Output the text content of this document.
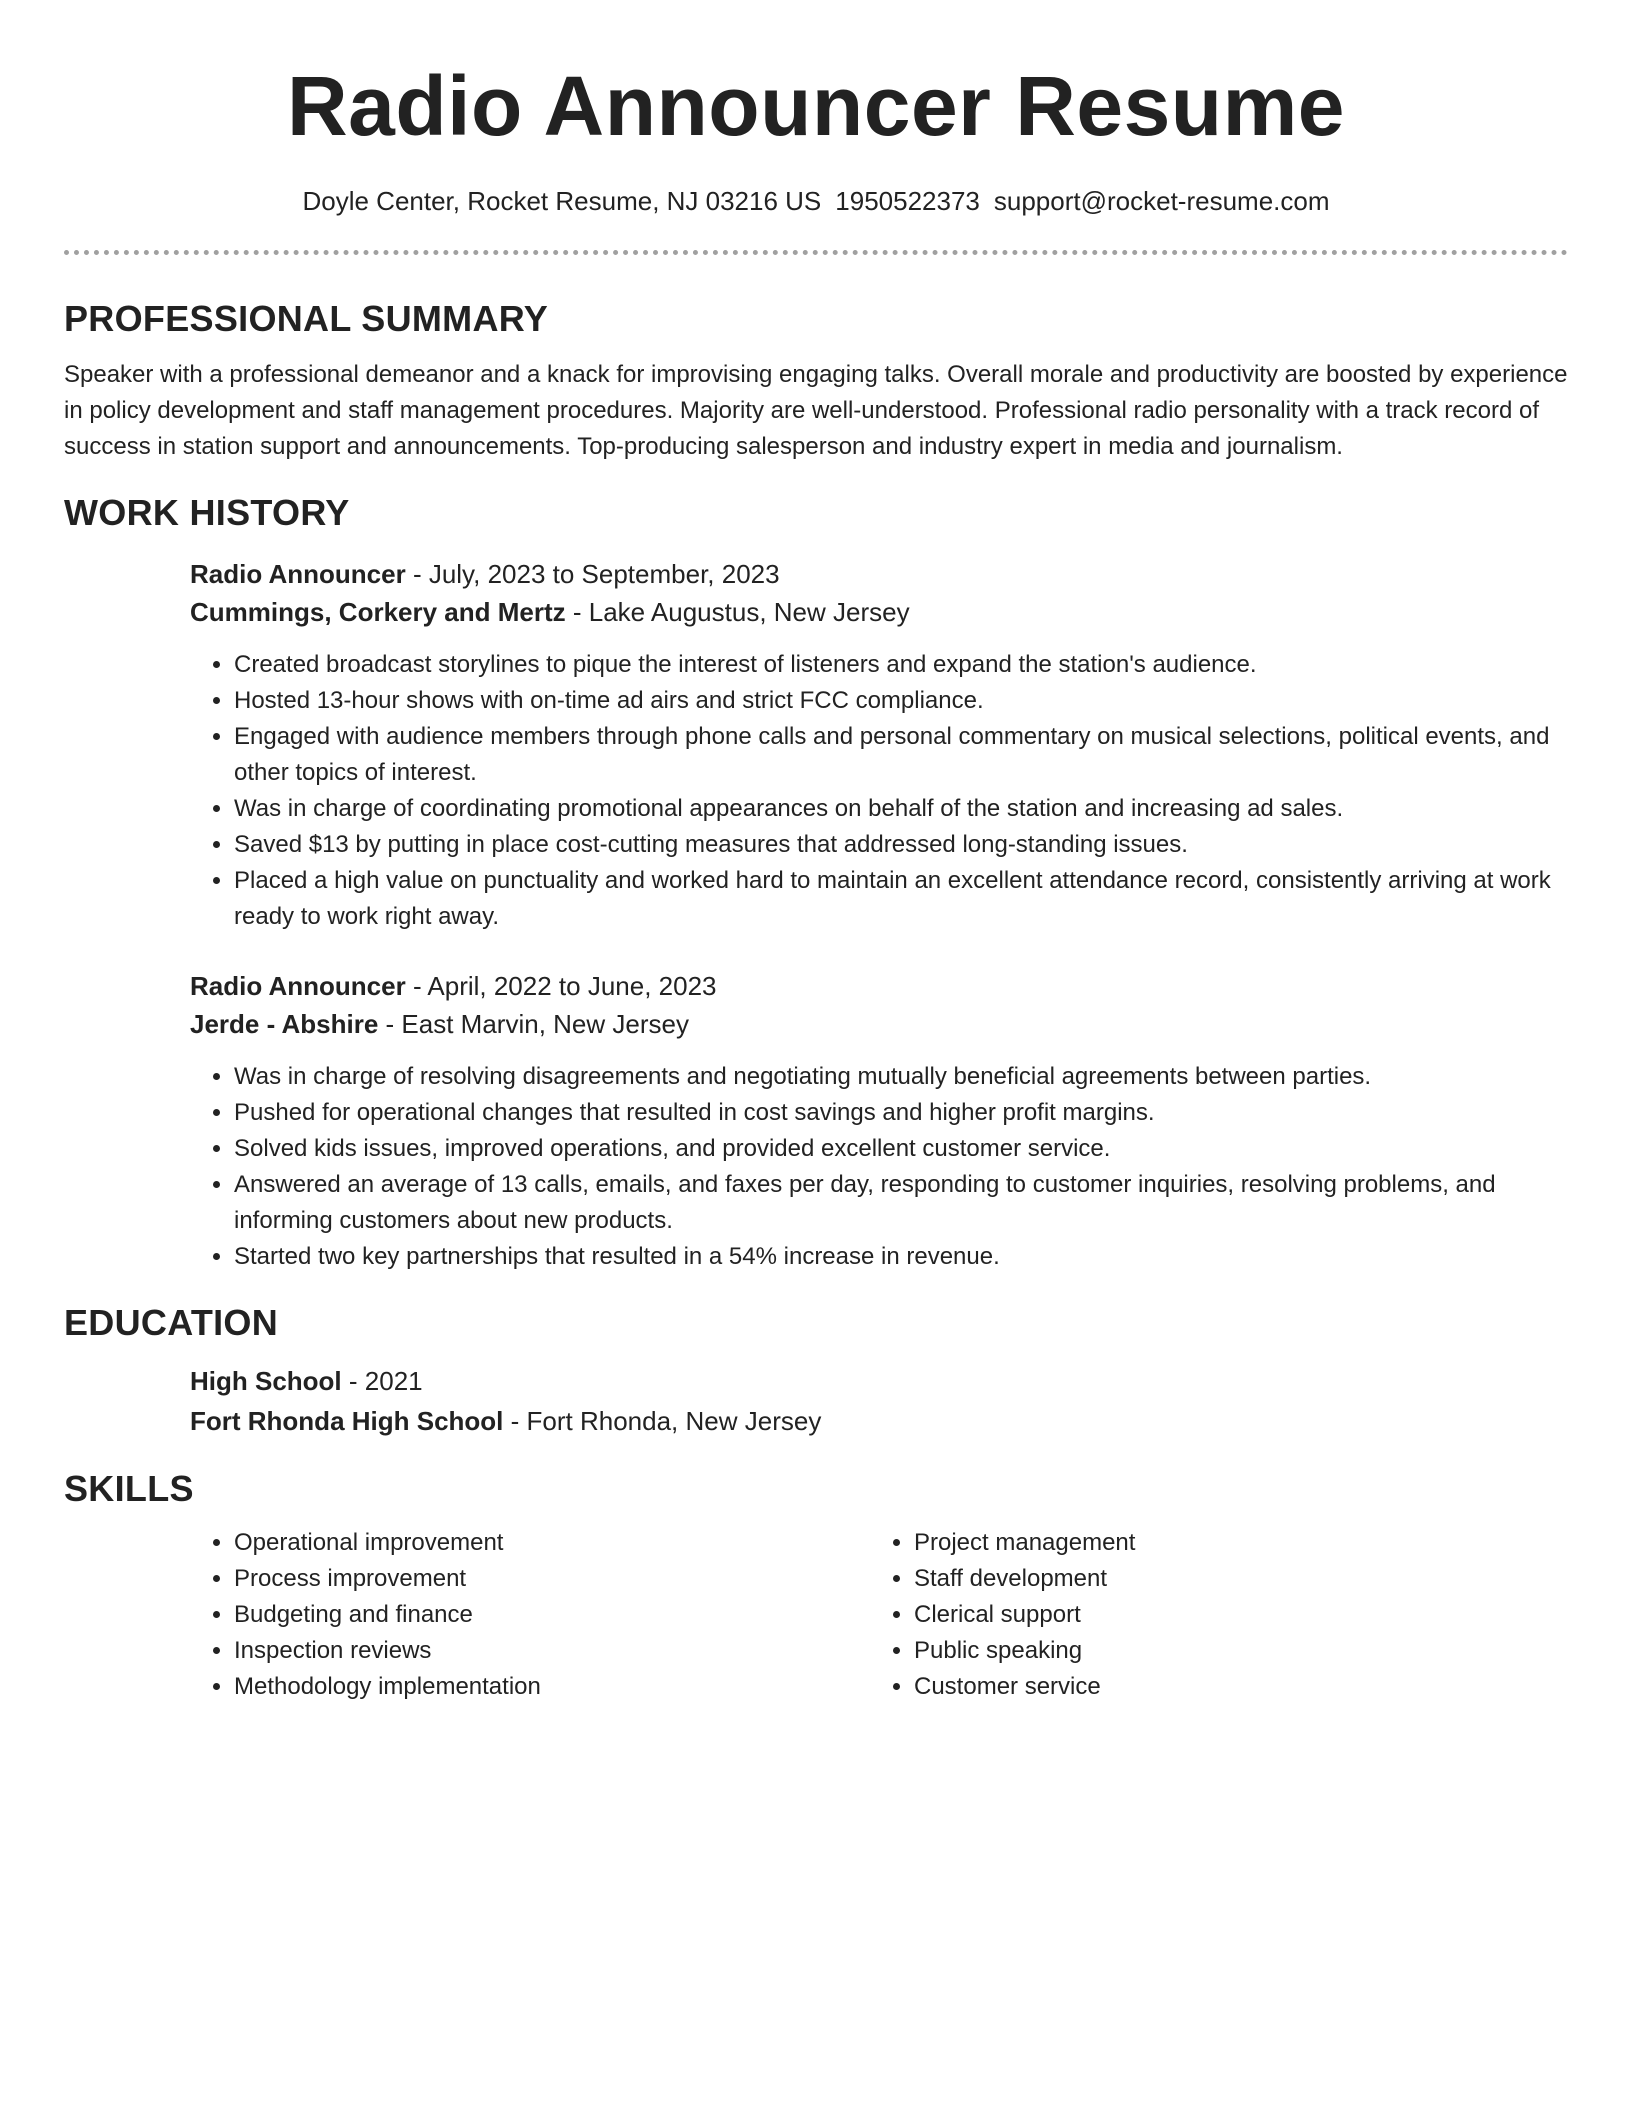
Radio Announcer Resume
Doyle Center, Rocket Resume, NJ 03216 US 1950522373 support@rocket-resume.com
PROFESSIONAL SUMMARY

Speaker with a professional demeanor and a knack for improvising engaging talks. Overall morale and productivity are boosted by experience in policy development and staff management procedures. Majority are well-understood. Professional radio personality with a track record of success in station support and announcements. Top-producing salesperson and industry expert in media and journalism.

WORK HISTORY
Radio Announcer - July, 2023 to September, 2023
Cummings, Corkery and Mertz - Lake Augustus, New Jersey
• Created broadcast storylines to pique the interest of listeners and expand the station's audience.
• Hosted 13-hour shows with on-time ad airs and strict FCC compliance.
• Engaged with audience members through phone calls and personal commentary on musical selections, political events, and other topics of interest.
• Was in charge of coordinating promotional appearances on behalf of the station and increasing ad sales.
• Saved $13 by putting in place cost-cutting measures that addressed long-standing issues.
• Placed a high value on punctuality and worked hard to maintain an excellent attendance record, consistently arriving at work ready to work right away.
Radio Announcer - April, 2022 to June, 2023
Jerde - Abshire - East Marvin, New Jersey
• Was in charge of resolving disagreements and negotiating mutually beneficial agreements between parties.
• Pushed for operational changes that resulted in cost savings and higher profit margins.
• Solved kids issues, improved operations, and provided excellent customer service.
• Answered an average of 13 calls, emails, and faxes per day, responding to customer inquiries, resolving problems, and informing customers about new products.
• Started two key partnerships that resulted in a 54% increase in revenue.
EDUCATION
High School - 2021
Fort Rhonda High School - Fort Rhonda, New Jersey
SKILLS
• Operational improvement
• Process improvement
• Budgeting and finance
• Inspection reviews
• Methodology implementation
• Project management
• Staff development
• Clerical support
• Public speaking
• Customer service
